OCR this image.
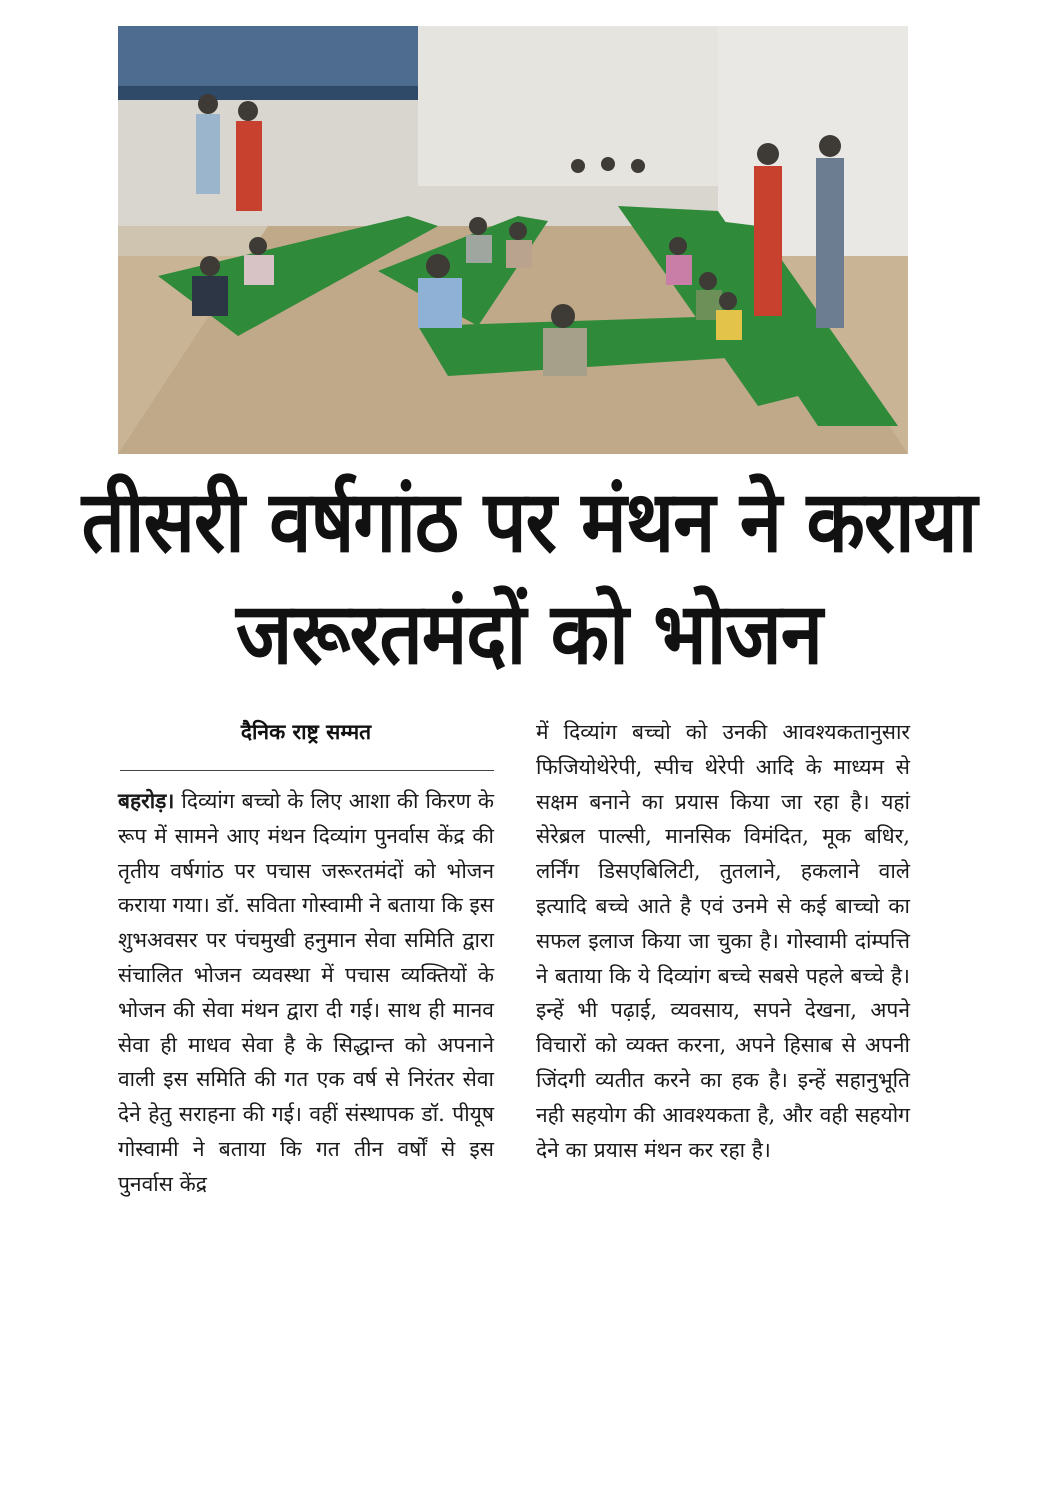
तीसरी वर्षगांठ पर मंथन ने कराया
जरूरतमंदों को भोजन
दैनिक राष्ट्र सम्मत
बहरोड़। दिव्यांग बच्चो के लिए आशा की किरण के रूप में सामने आए मंथन दिव्यांग पुनर्वास केंद्र की तृतीय वर्षगांठ पर पचास जरूरतमंदों को भोजन कराया गया। डॉ. सविता गोस्वामी ने बताया कि इस शुभअवसर पर पंचमुखी हनुमान सेवा समिति द्वारा संचालित भोजन व्यवस्था में पचास व्यक्तियों के भोजन की सेवा मंथन द्वारा दी गई। साथ ही मानव सेवा ही माधव सेवा है के सिद्धान्त को अपनाने वाली इस समिति की गत एक वर्ष से निरंतर सेवा देने हेतु सराहना की गई। वहीं संस्थापक डॉ. पीयूष गोस्वामी ने बताया कि गत तीन वर्षों से इस पुनर्वास केंद्र
में दिव्यांग बच्चो को उनकी आवश्यकतानुसार फिजियोथेरेपी, स्पीच थेरेपी आदि के माध्यम से सक्षम बनाने का प्रयास किया जा रहा है। यहां सेरेब्रल पाल्सी, मानसिक विमंदित, मूक बधिर, लर्निंग डिसएबिलिटी, तुतलाने, हकलाने वाले इत्यादि बच्चे आते है एवं उनमे से कई बाच्चो का सफल इलाज किया जा चुका है। गोस्वामी दांम्पत्ति ने बताया कि ये दिव्यांग बच्चे सबसे पहले बच्चे है। इन्हें भी पढ़ाई, व्यवसाय, सपने देखना, अपने विचारों को व्यक्त करना, अपने हिसाब से अपनी जिंदगी व्यतीत करने का हक है। इन्हें सहानुभूति नही सहयोग की आवश्यकता है, और वही सहयोग देने का प्रयास मंथन कर रहा है।
